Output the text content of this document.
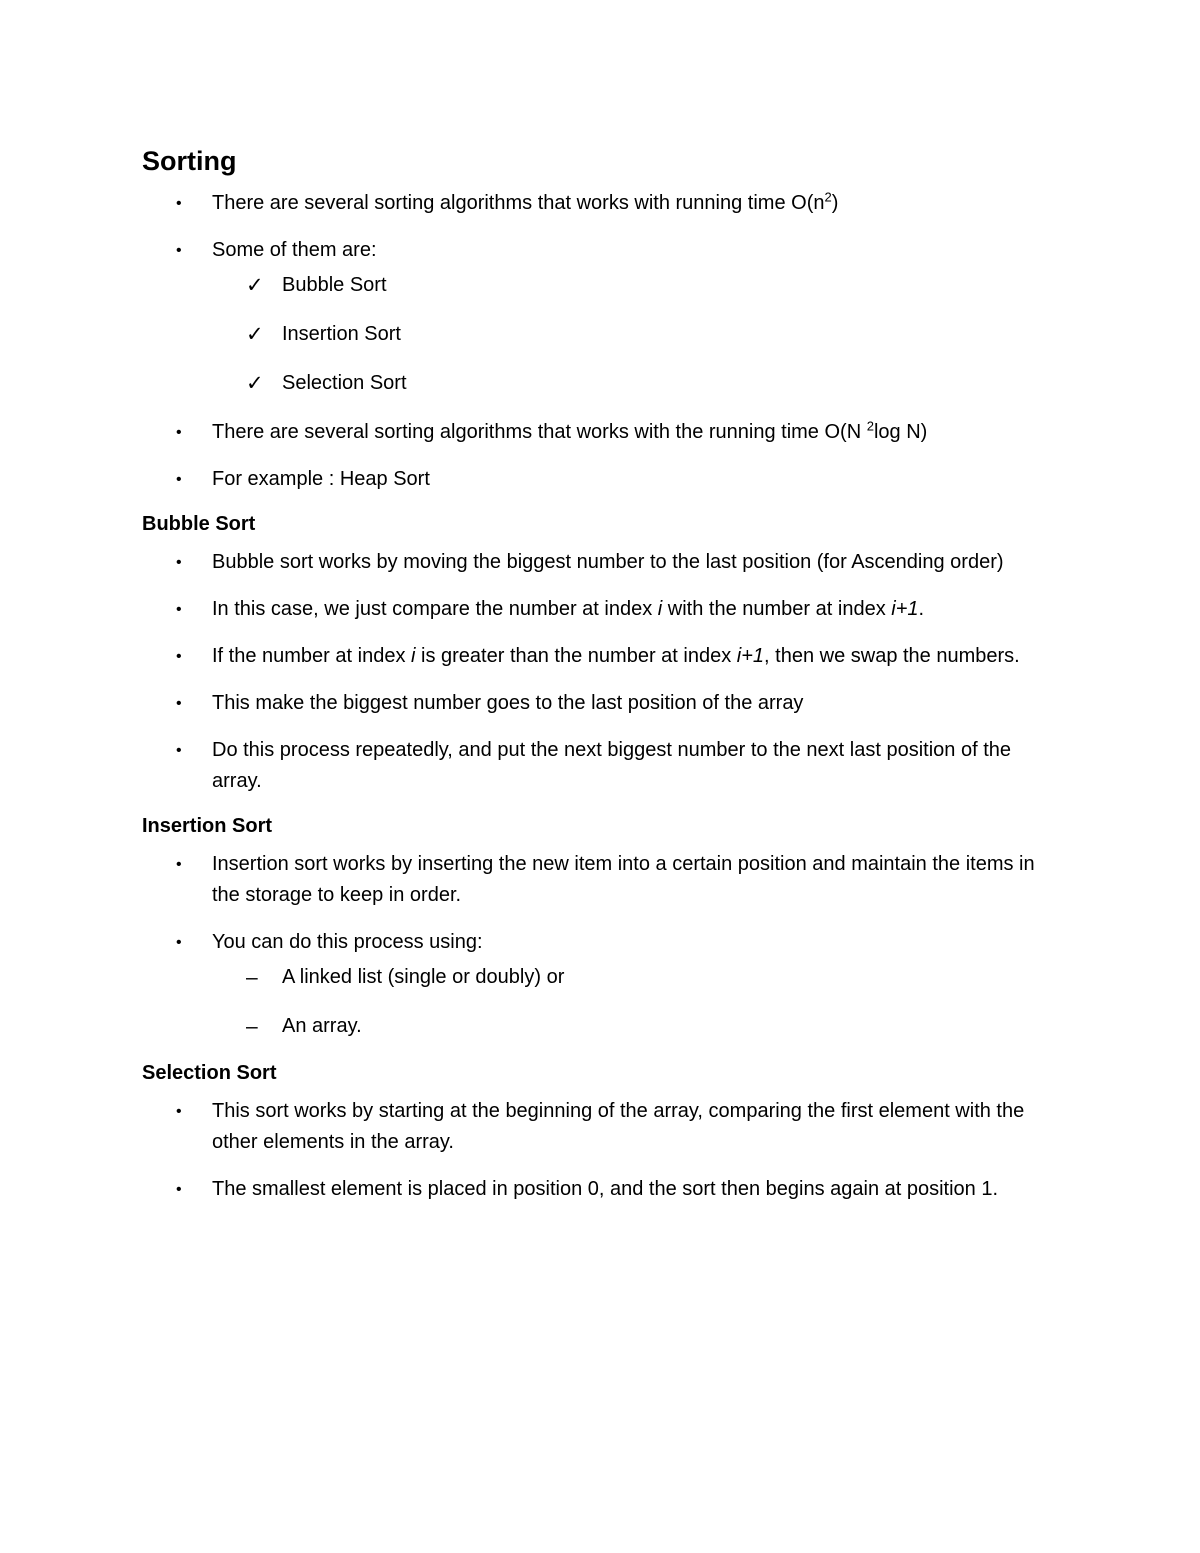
Sorting
• There are several sorting algorithms that works with running time $O(n^2)$
• Some of them are:
✓ Bubble Sort
✓ Insertion Sort
✓ Selection Sort
• There are several sorting algorithms that works with the running time O(N $^2$log N)
• For example : Heap Sort
Bubble Sort
• Bubble sort works by moving the biggest number to the last position (for Ascending order)
• In this case, we just compare the number at index i with the number at index i+1.
• If the number at index i is greater than the number at index i+1, then we swap the numbers.
• This make the biggest number goes to the last position of the array
• Do this process repeatedly, and put the next biggest number to the next last position of the array.
Insertion Sort
• Insertion sort works by inserting the new item into a certain position and maintain the items in the storage to keep in order.
• You can do this process using:
– A linked list (single or doubly) or
– An array.
Selection Sort
• This sort works by starting at the beginning of the array, comparing the first element with the other elements in the array.
• The smallest element is placed in position 0, and the sort then begins again at position 1.
